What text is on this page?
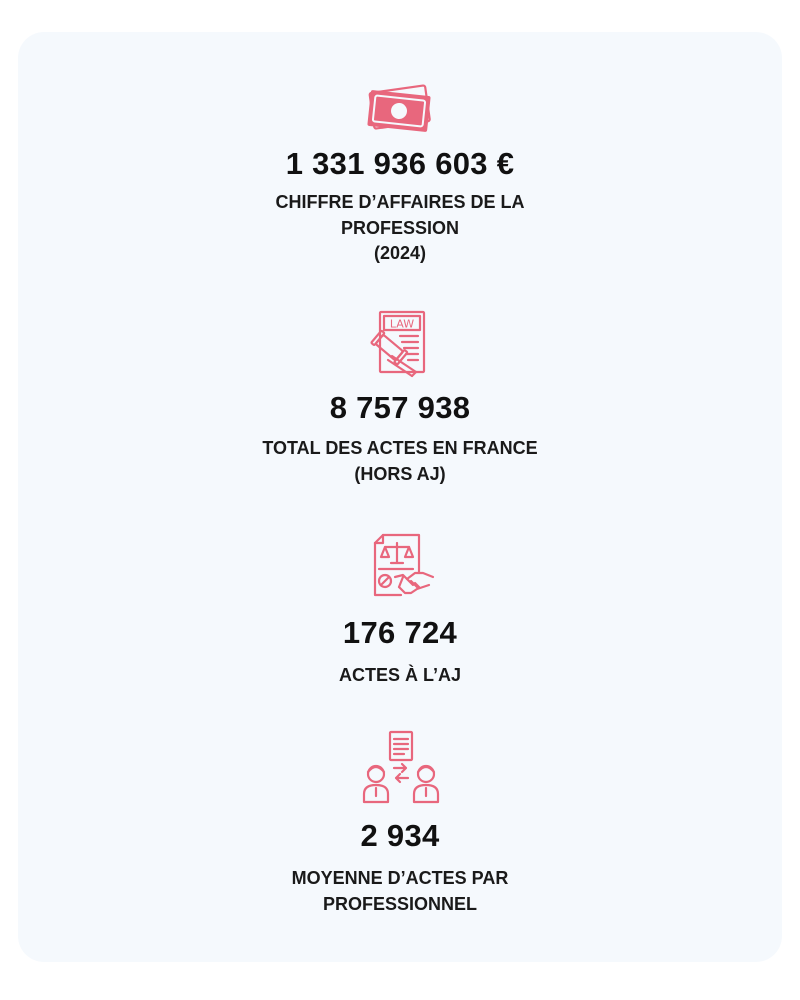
1 331 936 603 €
CHIFFRE D’AFFAIRES DE LA
PROFESSION
(2024)
LAW
8 757 938
TOTAL DES ACTES EN FRANCE
(HORS AJ)
176 724
ACTES À L’AJ
2 934
MOYENNE D’ACTES PAR
PROFESSIONNEL
